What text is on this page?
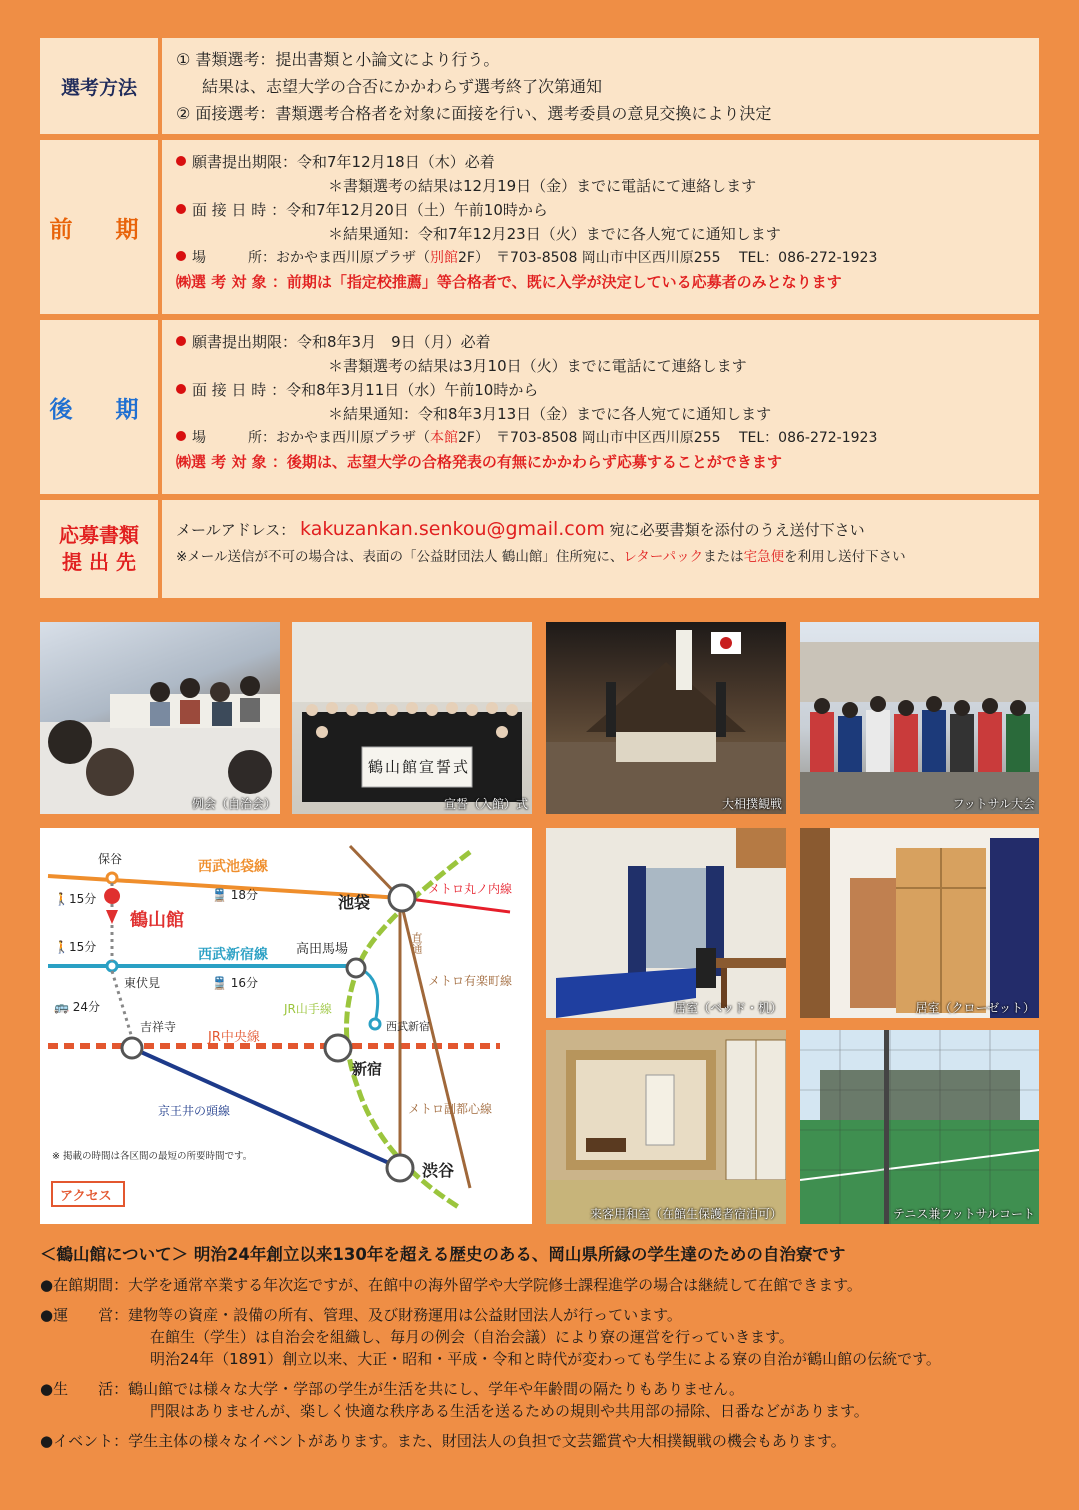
選考方法
① 書類選考：提出書類と小論文により行う。
結果は、志望大学の合否にかかわらず選考終了次第通知
② 面接選考：書類選考合格者を対象に面接を行い、選考委員の意見交換により決定
前　期
願書提出期限：令和7年12月18日（木）必着
＊書類選考の結果は12月19日（金）までに電話にて連絡します
面 接 日 時 ：令和7年12月20日（土）午前10時から
＊結果通知：令和7年12月23日（火）までに各人宛てに通知します
場　　　所：おかやま西川原プラザ（別館2F）　〒703-8508 岡山市中区西川原255　 TEL：086-272-1923
㈱選 考 対 象 ：前期は「指定校推薦」等合格者で、既に入学が決定している応募者のみとなります
後　期
願書提出期限：令和8年3月　9日（月）必着
＊書類選考の結果は3月10日（火）までに電話にて連絡します
面 接 日 時 ：令和8年3月11日（水）午前10時から
＊結果通知：令和8年3月13日（金）までに各人宛てに通知します
場　　　所：おかやま西川原プラザ（本館2F）　〒703-8508 岡山市中区西川原255　 TEL：086-272-1923
㈱選 考 対 象 ：後期は、志望大学の合格発表の有無にかかわらず応募することができます
応募書類
提 出 先
メールアドレス： kakuzankan.senkou@gmail.com 宛に必要書類を添付のうえ送付下さい
※メール送信が不可の場合は、表面の「公益財団法人 鶴山館」住所宛に、レターパックまたは宅急便を利用し送付下さい
例会（自治会）
鶴山館宣誓式
宣誓（入館）式	大相撲観戦	フットサル大会
保谷	西武池袋線
🚶15分	🚆 18分
鶴山館
🚶15分	西武新宿線
東伏見	🚆 16分
🚌 24分
吉祥寺
JR中央線
高田馬場
JR山手線
西武新宿
池袋
メトロ丸ノ内線
直通
メトロ有楽町線
新宿
メトロ副都心線
京王井の頭線
渋谷
※ 掲載の時間は各区間の最短の所要時間です。
アクセス
居室（ベッド・机）	居室（クローゼット）
来客用和室（在館生保護者宿泊可）	テニス兼フットサルコート
＜鶴山館について＞ 明治24年創立以来130年を超える歴史のある、岡山県所縁の学生達のための自治寮です
●在館期間：大学を通常卒業する年次迄ですが、在館中の海外留学や大学院修士課程進学の場合は継続して在館できます。
●運　　営：建物等の資産・設備の所有、管理、及び財務運用は公益財団法人が行っています。
在館生（学生）は自治会を組織し、毎月の例会（自治会議）により寮の運営を行っていきます。
明治24年（1891）創立以来、大正・昭和・平成・令和と時代が変わっても学生による寮の自治が鶴山館の伝統です。
●生　　活：鶴山館では様々な大学・学部の学生が生活を共にし、学年や年齢間の隔たりもありません。
門限はありませんが、楽しく快適な秩序ある生活を送るための規則や共用部の掃除、日番などがあります。
●イベント：学生主体の様々なイベントがあります。また、財団法人の負担で文芸鑑賞や大相撲観戦の機会もあります。
